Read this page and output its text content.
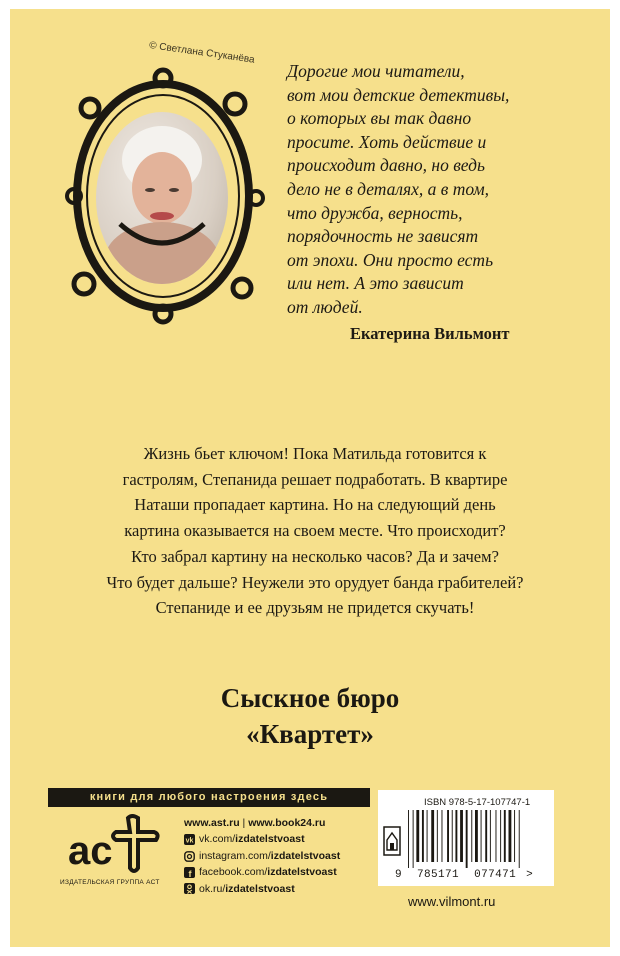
© Светлана Стуканёва
Дорогие мои читатели,
вот мои детские детективы,
о которых вы так давно
просите. Хоть действие и
происходит давно, но ведь
дело не в деталях, а в том,
что дружба, верность,
порядочность не зависят
от эпохи. Они просто есть
или нет. А это зависит
от людей.
Екатерина Вильмонт
Жизнь бьет ключом! Пока Матильда готовится к
гастролям, Степанида решает подработать. В квартире
Наташи пропадает картина. Но на следующий день
картина оказывается на своем месте. Что происходит?
Кто забрал картину на несколько часов? Да и зачем?
Что будет дальше? Неужели это орудует банда грабителей?
Степаниде и ее друзьям не придется скучать!
Сыскное бюро
«Квартет»
книги для любого настроения здесь
ac
ИЗДАТЕЛЬСКАЯ ГРУППА АСТ
www.ast.ru | www.book24.ru
vk vk.com/ izdatelstvoast
instagram.com/ izdatelstvoast
f facebook.com/ izdatelstvoast
ok.ru/ izdatelstvoast
ISBN 978-5-17-107747-1
9 785171 077471 >
www.vilmont.ru
